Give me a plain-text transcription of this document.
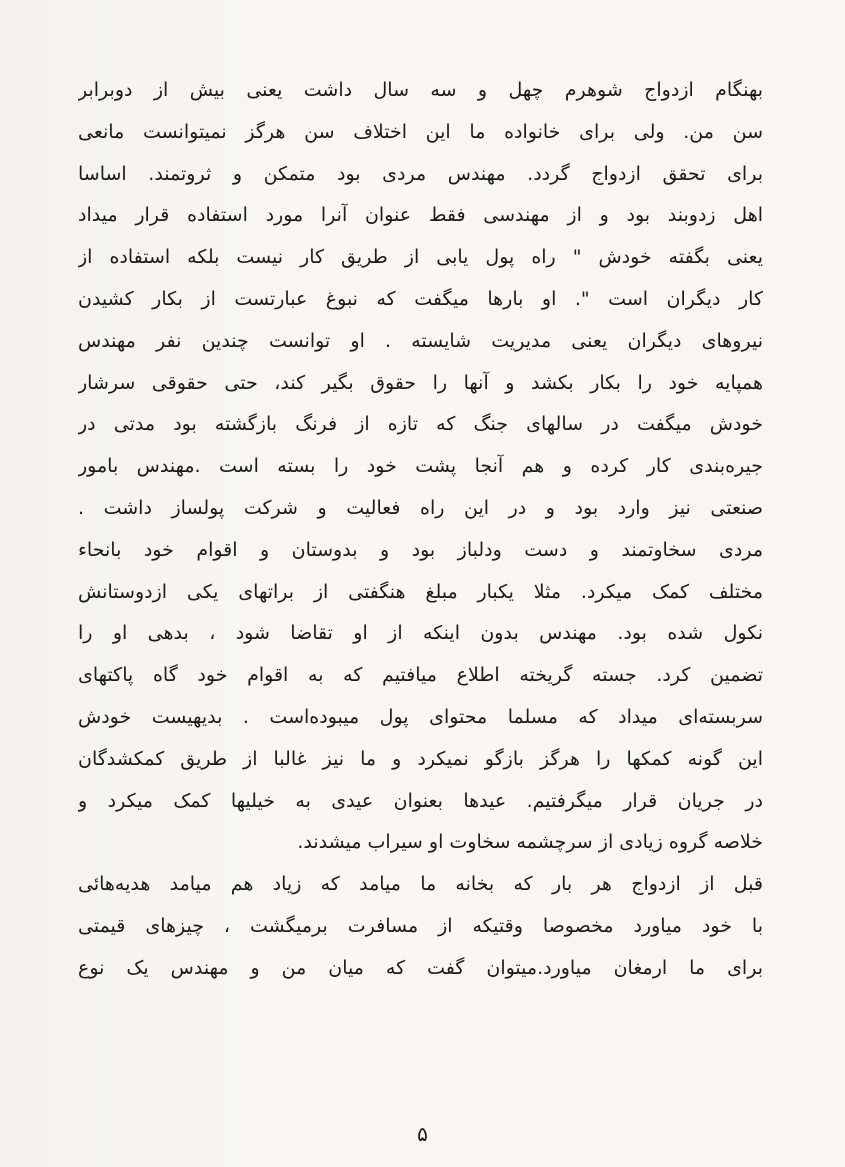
بهنگام ازدواج شوهرم چهل و سه سال داشت یعنی بیش از دوبرابر
سن من. ولی برای خانواده ما این اختلاف سن هرگز نمیتوانست مانعی
برای تحقق ازدواج گردد. مهندس مردی بود متمکن و ثروتمند. اساسا
اهل زدوبند بود و از مهندسی فقط عنوان آنرا مورد استفاده قرار میداد
یعنی بگفته خودش " راه پول یابی از طریق کار نیست بلکه استفاده از
کار دیگران است ". او بارها میگفت که نبوغ عبارتست از بکار کشیدن
نیروهای دیگران یعنی مدیریت شایسته . او توانست چندین نفر مهندس
همپایه خود را بکار بکشد و آنها را حقوق بگیر کند، حتی حقوقی سرشار
خودش میگفت در سالهای جنگ که تازه از فرنگ بازگشته بود مدتی در
جیره‌بندی کار کرده و هم آنجا پشت خود را بسته است .مهندس بامور
صنعتی نیز وارد بود و در این راه فعالیت و شرکت پولساز داشت .
مردی سخاوتمند و دست ودلباز بود و بدوستان و اقوام خود بانحاء
مختلف کمک میکرد. مثلا یکبار مبلغ هنگفتی از براتهای یکی ازدوستانش
نکول شده بود. مهندس بدون اینکه از او تقاضا شود ، بدهی او را
تضمین کرد. جسته گریخته اطلاع میافتیم که به اقوام خود گاه پاکتهای
سربسته‌ای میداد که مسلما محتوای پول میبوده‌است . بدیهیست خودش
این گونه کمکها را هرگز بازگو نمیکرد و ما نیز غالبا از طریق کمکشدگان
در جریان قرار میگرفتیم. عیدها بعنوان عیدی به خیلیها کمک میکرد و
خلاصه گروه زیادی از سرچشمه سخاوت او سیراب میشدند.
قبل از ازدواج هر بار که بخانه ما میامد که زیاد هم میامد هدیه‌هائی
با خود میاورد مخصوصا وقتیکه از مسافرت برمیگشت ، چیزهای قیمتی
برای ما ارمغان میاورد.میتوان گفت که میان من و مهندس یک نوع
۵
